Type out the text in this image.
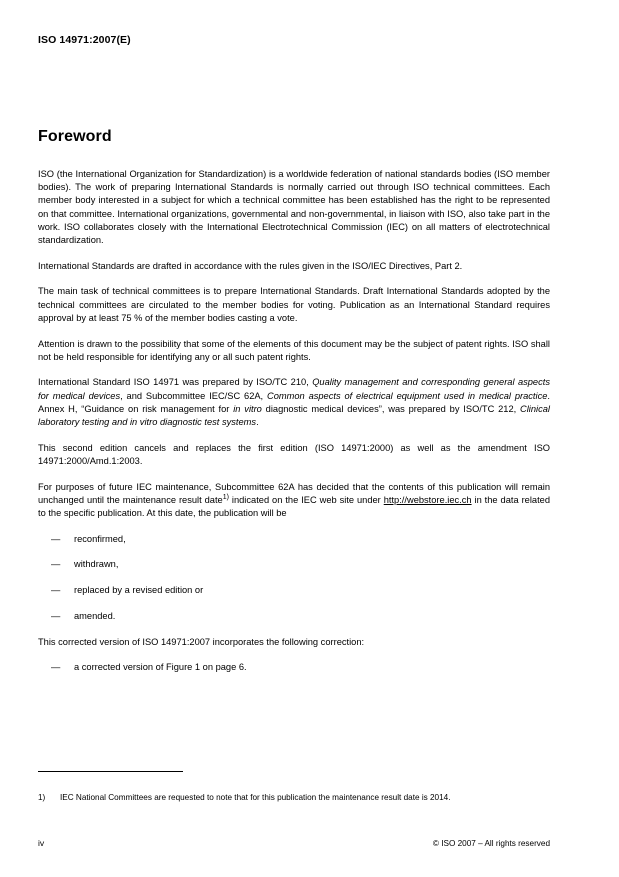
ISO 14971:2007(E)
Foreword

ISO (the International Organization for Standardization) is a worldwide federation of national standards bodies (ISO member bodies). The work of preparing International Standards is normally carried out through ISO technical committees. Each member body interested in a subject for which a technical committee has been established has the right to be represented on that committee. International organizations, governmental and non-governmental, in liaison with ISO, also take part in the work. ISO collaborates closely with the International Electrotechnical Commission (IEC) on all matters of electrotechnical standardization.

International Standards are drafted in accordance with the rules given in the ISO/IEC Directives, Part 2.

The main task of technical committees is to prepare International Standards. Draft International Standards adopted by the technical committees are circulated to the member bodies for voting. Publication as an International Standard requires approval by at least 75 % of the member bodies casting a vote.

Attention is drawn to the possibility that some of the elements of this document may be the subject of patent rights. ISO shall not be held responsible for identifying any or all such patent rights.

International Standard ISO 14971 was prepared by ISO/TC 210, Quality management and corresponding general aspects for medical devices, and Subcommittee IEC/SC 62A, Common aspects of electrical equipment used in medical practice. Annex H, “Guidance on risk management for in vitro diagnostic medical devices”, was prepared by ISO/TC 212, Clinical laboratory testing and in vitro diagnostic test systems.

This second edition cancels and replaces the first edition (ISO 14971:2000) as well as the amendment ISO 14971:2000/Amd.1:2003.

For purposes of future IEC maintenance, Subcommittee 62A has decided that the contents of this publication will remain unchanged until the maintenance result date$^{1)}$ indicated on the IEC web site under http://webstore.iec.ch in the data related to the specific publication. At this date, the publication will be

— reconfirmed,
— withdrawn,
— replaced by a revised edition or
— amended.

This corrected version of ISO 14971:2007 incorporates the following correction:

— a corrected version of Figure 1 on page 6.
1) IEC National Committees are requested to note that for this publication the maintenance result date is 2014.
iv	© ISO 2007 – All rights reserved
